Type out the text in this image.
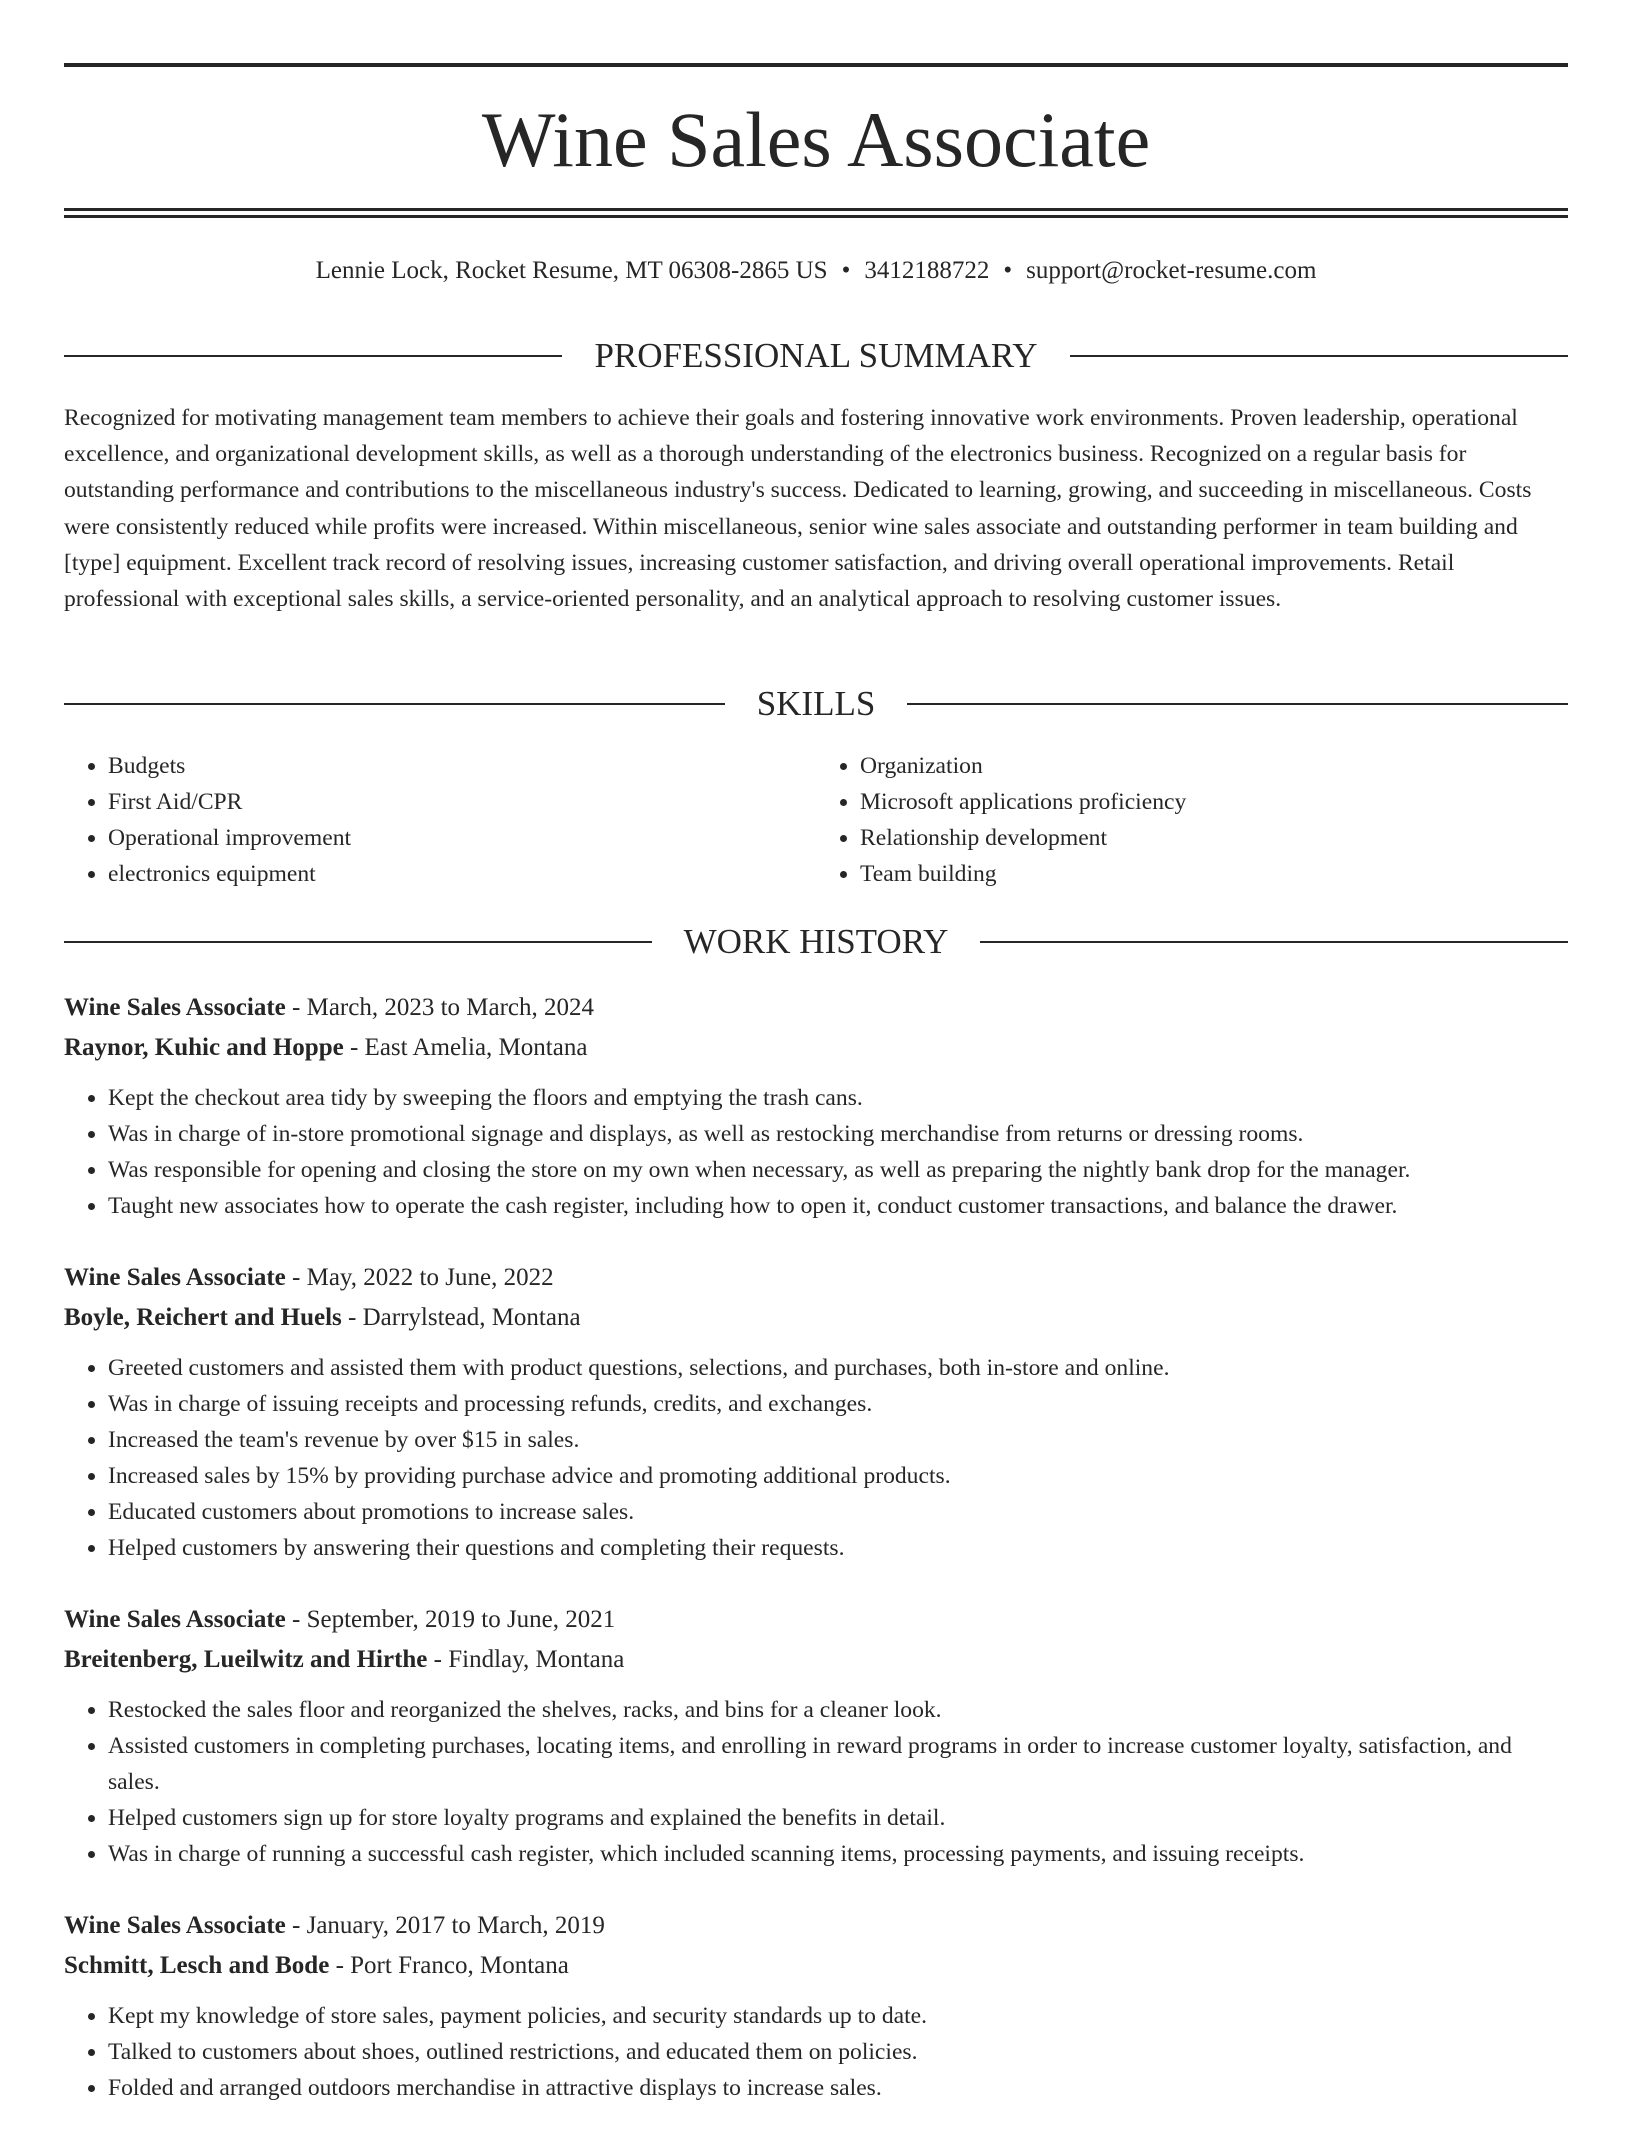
Wine Sales Associate
Lennie Lock, Rocket Resume, MT 06308-2865 US • 3412188722 • support@rocket-resume.com
PROFESSIONAL SUMMARY

Recognized for motivating management team members to achieve their goals and fostering innovative work environments. Proven leadership, operational excellence, and organizational development skills, as well as a thorough understanding of the electronics business. Recognized on a regular basis for outstanding performance and contributions to the miscellaneous industry's success. Dedicated to learning, growing, and succeeding in miscellaneous. Costs were consistently reduced while profits were increased. Within miscellaneous, senior wine sales associate and outstanding performer in team building and [type] equipment. Excellent track record of resolving issues, increasing customer satisfaction, and driving overall operational improvements. Retail professional with exceptional sales skills, a service-oriented personality, and an analytical approach to resolving customer issues.

SKILLS
• Budgets
• First Aid/CPR
• Operational improvement
• electronics equipment
• Organization
• Microsoft applications proficiency
• Relationship development
• Team building
WORK HISTORY
Wine Sales Associate - March, 2023 to March, 2024
Raynor, Kuhic and Hoppe - East Amelia, Montana
• Kept the checkout area tidy by sweeping the floors and emptying the trash cans.
• Was in charge of in-store promotional signage and displays, as well as restocking merchandise from returns or dressing rooms.
• Was responsible for opening and closing the store on my own when necessary, as well as preparing the nightly bank drop for the manager.
• Taught new associates how to operate the cash register, including how to open it, conduct customer transactions, and balance the drawer.
Wine Sales Associate - May, 2022 to June, 2022
Boyle, Reichert and Huels - Darrylstead, Montana
• Greeted customers and assisted them with product questions, selections, and purchases, both in-store and online.
• Was in charge of issuing receipts and processing refunds, credits, and exchanges.
• Increased the team's revenue by over $15 in sales.
• Increased sales by 15% by providing purchase advice and promoting additional products.
• Educated customers about promotions to increase sales.
• Helped customers by answering their questions and completing their requests.
Wine Sales Associate - September, 2019 to June, 2021
Breitenberg, Lueilwitz and Hirthe - Findlay, Montana
• Restocked the sales floor and reorganized the shelves, racks, and bins for a cleaner look.
• Assisted customers in completing purchases, locating items, and enrolling in reward programs in order to increase customer loyalty, satisfaction, and sales.
• Helped customers sign up for store loyalty programs and explained the benefits in detail.
• Was in charge of running a successful cash register, which included scanning items, processing payments, and issuing receipts.
Wine Sales Associate - January, 2017 to March, 2019
Schmitt, Lesch and Bode - Port Franco, Montana
• Kept my knowledge of store sales, payment policies, and security standards up to date.
• Talked to customers about shoes, outlined restrictions, and educated them on policies.
• Folded and arranged outdoors merchandise in attractive displays to increase sales.
